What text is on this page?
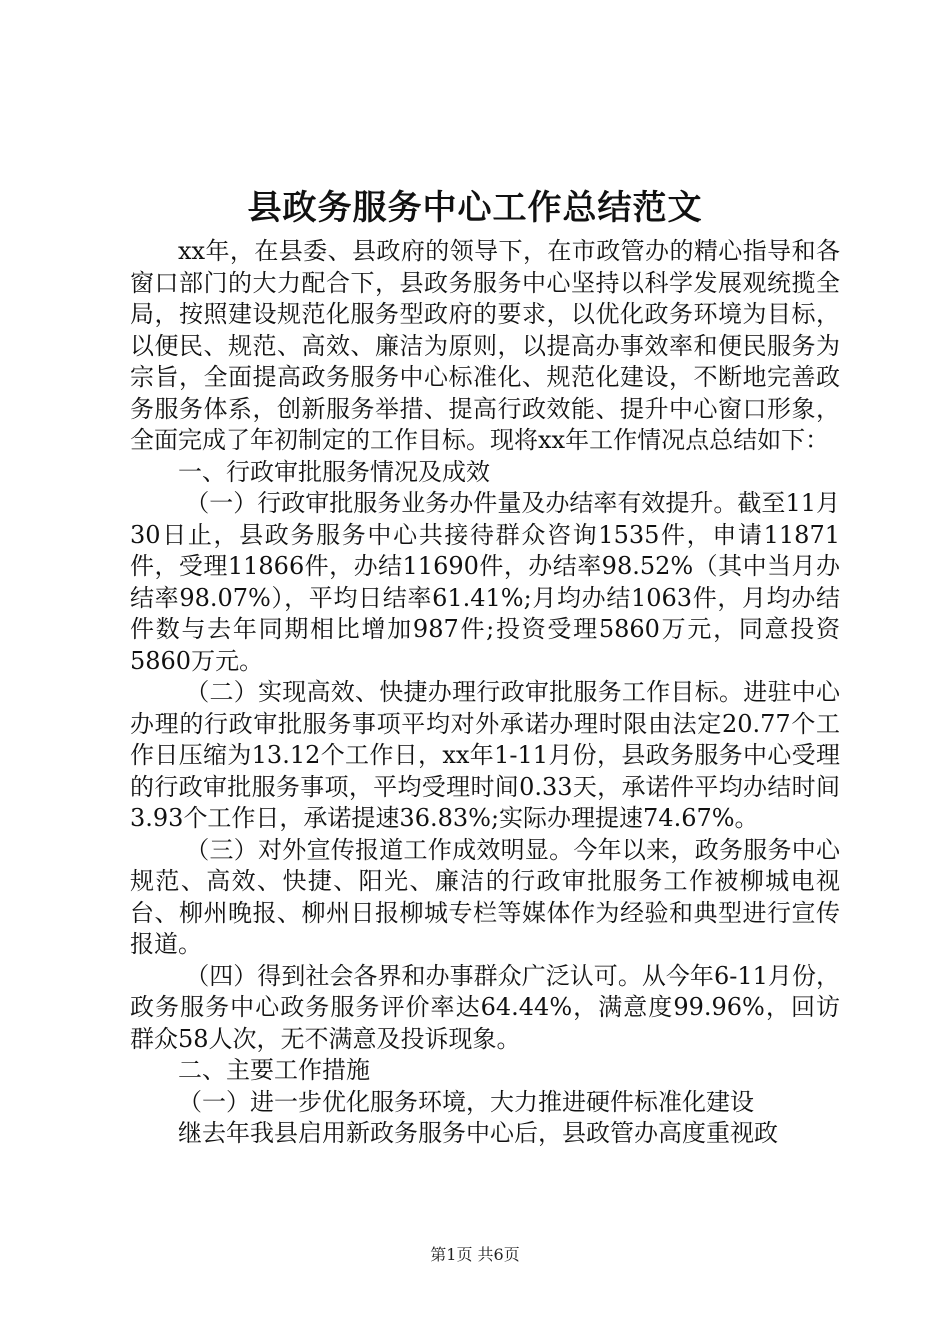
县政务服务中心工作总结范文

xx年，在县委、县政府的领导下，在市政管办的精心指导和各窗口部门的大力配合下，县政务服务中心坚持以科学发展观统揽全局，按照建设规范化服务型政府的要求，以优化政务环境为目标，以便民、规范、高效、廉洁为原则，以提高办事效率和便民服务为宗旨，全面提高政务服务中心标准化、规范化建设，不断地完善政务服务体系，创新服务举措、提高行政效能、提升中心窗口形象，全面完成了年初制定的工作目标。现将xx年工作情况点总结如下：

一、行政审批服务情况及成效

（一）行政审批服务业务办件量及办结率有效提升。截至11月30日止，县政务服务中心共接待群众咨询1535件，申请11871件，受理11866件，办结11690件，办结率98.52%（其中当月办结率98.07%），平均日结率61.41%;月均办结1063件，月均办结件数与去年同期相比增加987件;投资受理5860万元，同意投资5860万元。

（二）实现高效、快捷办理行政审批服务工作目标。进驻中心办理的行政审批服务事项平均对外承诺办理时限由法定20.77个工作日压缩为13.12个工作日，xx年1-11月份，县政务服务中心受理的行政审批服务事项，平均受理时间0.33天，承诺件平均办结时间3.93个工作日，承诺提速36.83%;实际办理提速74.67%。

（三）对外宣传报道工作成效明显。今年以来，政务服务中心规范、高效、快捷、阳光、廉洁的行政审批服务工作被柳城电视台、柳州晚报、柳州日报柳城专栏等媒体作为经验和典型进行宣传报道。

（四）得到社会各界和办事群众广泛认可。从今年6-11月份，政务服务中心政务服务评价率达64.44%，满意度99.96%，回访群众58人次，无不满意及投诉现象。

二、主要工作措施

（一）进一步优化服务环境，大力推进硬件标准化建设

继去年我县启用新政务服务中心后，县政管办高度重视政

第1页 共6页
